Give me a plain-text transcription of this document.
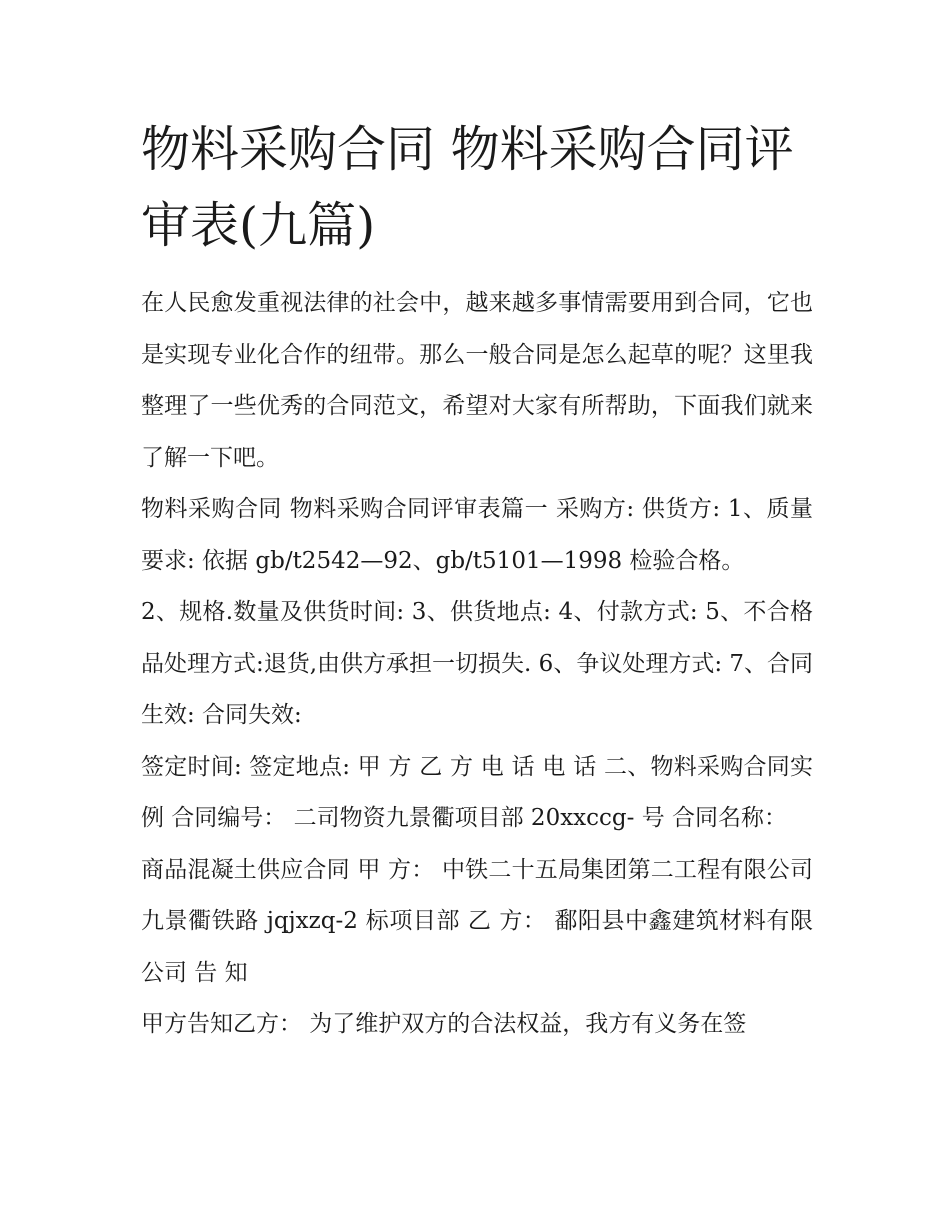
物料采购合同 物料采购合同评审表(九篇)

在人民愈发重视法律的社会中，越来越多事情需要用到合同，它也是实现专业化合作的纽带。那么一般合同是怎么起草的呢？这里我整理了一些优秀的合同范文，希望对大家有所帮助，下面我们就来了解一下吧。

物料采购合同 物料采购合同评审表篇一 采购方: 供货方: 1、质量要求: 依据 gb/t2542—92、gb/t5101—1998 检验合格。

2、规格.数量及供货时间: 3、供货地点: 4、付款方式: 5、不合格品处理方式:退货,由供方承担一切损失. 6、争议处理方式: 7、合同生效: 合同失效:

签定时间: 签定地点: 甲 方 乙 方 电 话 电 话 二、物料采购合同实例 合同编号： 二司物资九景衢项目部 20xxccg- 号 合同名称：

商品混凝土供应合同 甲 方： 中铁二十五局集团第二工程有限公司 九景衢铁路 jqjxzq-2 标项目部 乙 方： 鄱阳县中鑫建筑材料有限公司 告 知

甲方告知乙方： 为了维护双方的合法权益，我方有义务在签
